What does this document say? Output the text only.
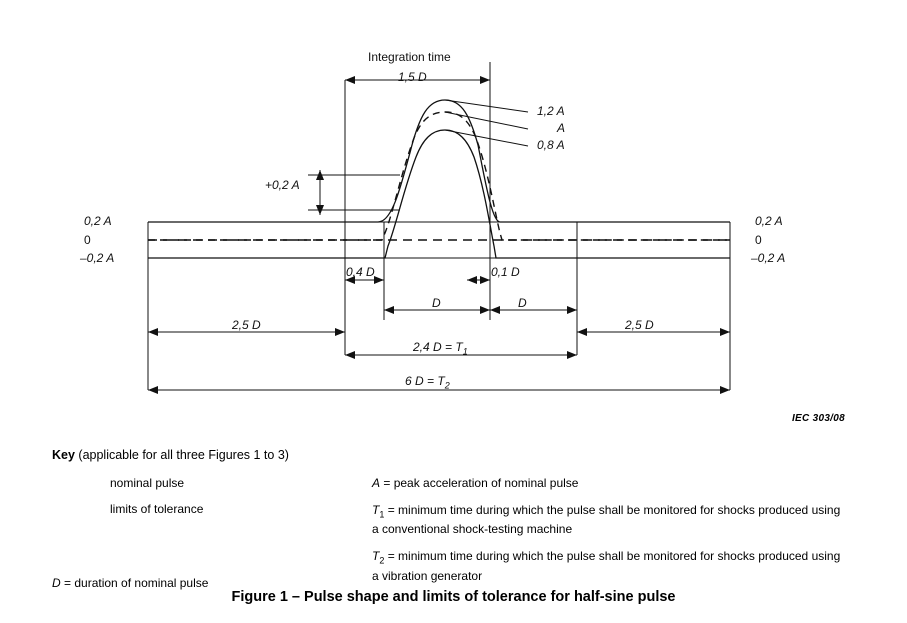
Integration time
1,5 D
1,2 A
A
0,8 A
+0,2 A
0,2 A
0
–0,2 A
0,2 A
0
–0,2 A
0,4 D	0,1 D
D	D
2,5 D	2,5 D
2,4 $D = T_1$
6 $D = T_2$
IEC 303/08
Key (applicable for all three Figures 1 to 3)
nominal pulse
limits of tolerance
D = duration of nominal pulse
A = peak acceleration of nominal pulse
$T_1$ = minimum time during which the pulse shall be monitored for shocks produced using a conventional shock-testing machine
$T_2$ = minimum time during which the pulse shall be monitored for shocks produced using a vibration generator
Figure 1 – Pulse shape and limits of tolerance for half-sine pulse
